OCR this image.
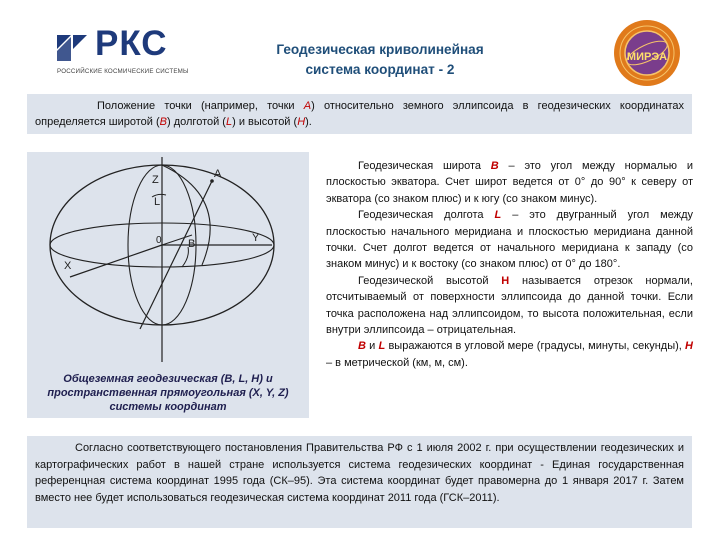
РКС
РОССИЙСКИЕ КОСМИЧЕСКИЕ СИСТЕМЫ
Геодезическая криволинейная
система координат - 2
МИРЭА
Положение точки (например, точки А) относительно земного эллипсоида в геодезических координатах определяется широтой (В) долготой (L) и высотой (Н).
Z	A
L
0 B	Y
X
Общеземная геодезическая (B, L, H) и
пространственная прямоугольная (X, Y, Z)
системы координат

Геодезическая широта В – это угол между нормалью и плоскостью экватора. Счет широт ведется от 0° до 90° к северу от экватора (со знаком плюс) и к югу (со знаком минус).

Геодезическая долгота L – это двугранный угол между плоскостью начального меридиана и плоскостью меридиана данной точки. Счет долгот ведется от начального меридиана к западу (со знаком минус) и к востоку (со знаком плюс) от 0° до 180°.

Геодезической высотой Н называется отрезок нормали, отсчитываемый от поверхности эллипсоида до данной точки. Если точка расположена над эллипсоидом, то высота положительная, если внутри эллипсоида – отрицательная.

В и L выражаются в угловой мере (градусы, минуты, секунды), Н – в метрической (км, м, см).

Согласно соответствующего постановления Правительства РФ с 1 июля 2002 г. при осуществлении геодезических и картографических работ в нашей стране используется система геодезических координат - Единая государственная референцная система координат 1995 года (СК–95). Эта система координат будет правомерна до 1 января 2017 г. Затем вместо нее будет использоваться геодезическая система координат 2011 года (ГСК–2011).
